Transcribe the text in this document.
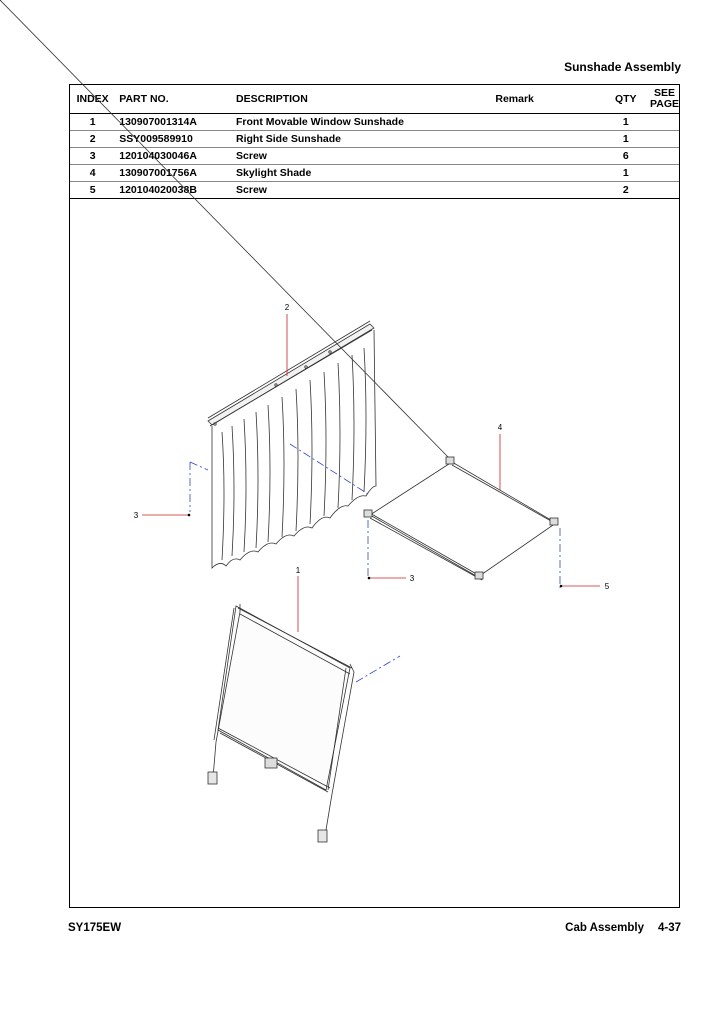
Sunshade Assembly
INDEX	PART NO.	DESCRIPTION	Remark	QTY	SEE
PAGE
1	130907001314A	Front Movable Window Sunshade		1	
2	SSY009589910	Right Side Sunshade		1	
3	120104030046A	Screw		6	
4	130907001756A	Skylight Shade		1	
5	120104020038B	Screw		2	
2
3
4
3
5
1
SY175EW	Cab Assembly 4-37
